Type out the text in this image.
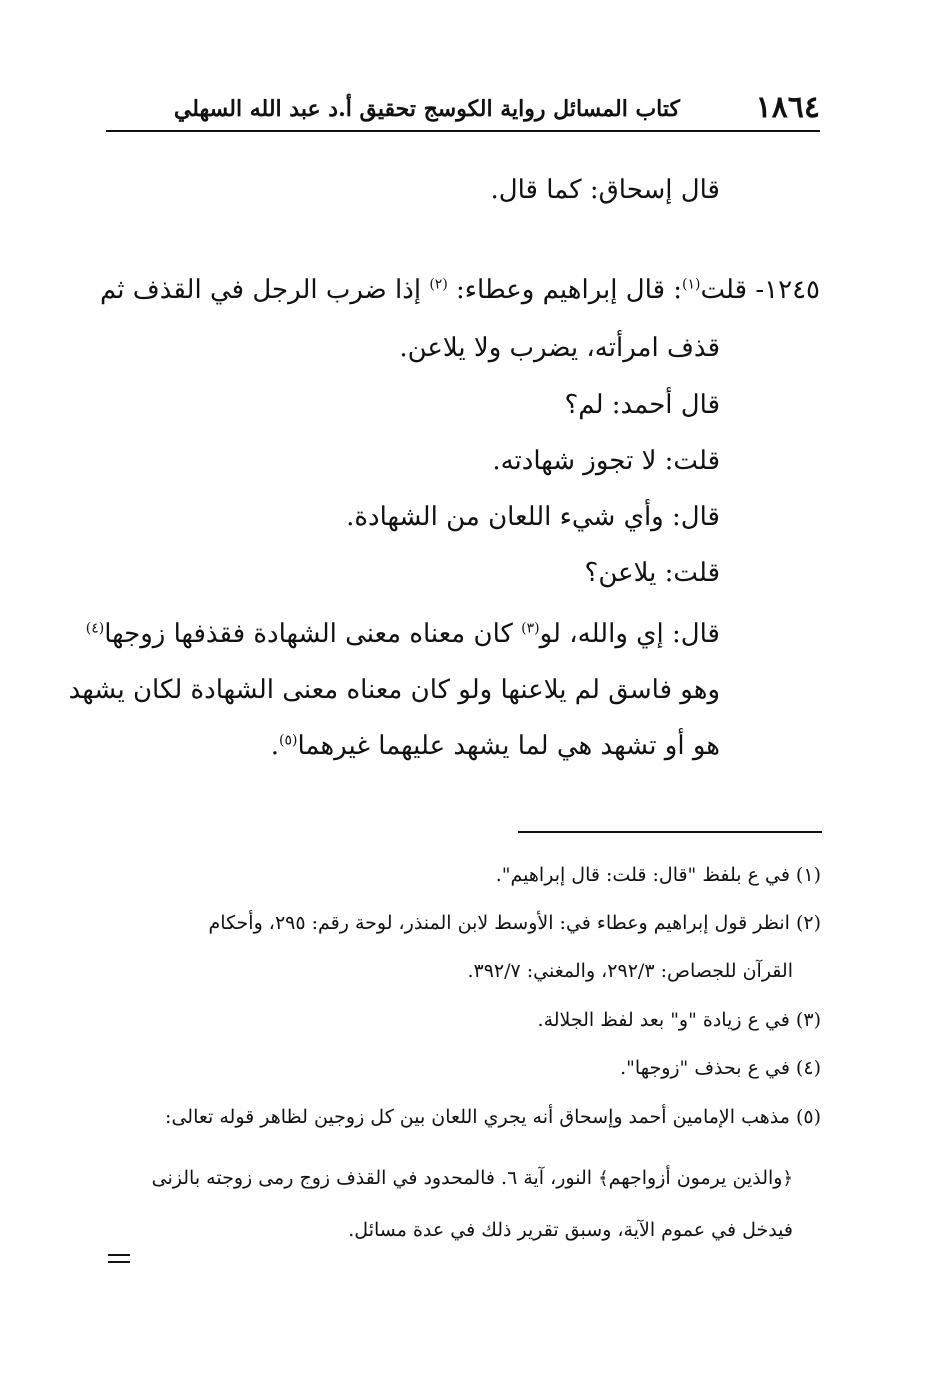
١٨٦٤
كتاب المسائل رواية الكوسج تحقيق أ.د عبد الله السهلي
قال إسحاق: كما قال.
١٢٤٥- قلت$^{(١)}$: قال إبراهيم وعطاء: $^{(٢)}$ إذا ضرب الرجل في القذف ثم
قذف امرأته، يضرب ولا يلاعن.
قال أحمد: لم؟
قلت: لا تجوز شهادته.
قال: وأي شيء اللعان من الشهادة.
قلت: يلاعن؟
قال: إي والله، لو$^{(٣)}$ كان معناه معنى الشهادة فقذفها زوجها$^{(٤)}$
وهو فاسق لم يلاعنها ولو كان معناه معنى الشهادة لكان يشهد
هو أو تشهد هي لما يشهد عليهما غيرهما$^{(٥)}$.
(١) في ع بلفظ "قال: قلت: قال إبراهيم".
(٢) انظر قول إبراهيم وعطاء في: الأوسط لابن المنذر، لوحة رقم: ٢٩٥، وأحكام
القرآن للجصاص: ٢٩٢/٣، والمغني: ٣٩٢/٧.
(٣) في ع زيادة "و" بعد لفظ الجلالة.
(٤) في ع بحذف "زوجها".
(٥) مذهب الإمامين أحمد وإسحاق أنه يجري اللعان بين كل زوجين لظاهر قوله تعالى:
﴿والذين يرمون أزواجهم﴾ النور، آية ٦. فالمحدود في القذف زوج رمى زوجته بالزنى
فيدخل في عموم الآية، وسبق تقرير ذلك في عدة مسائل.
